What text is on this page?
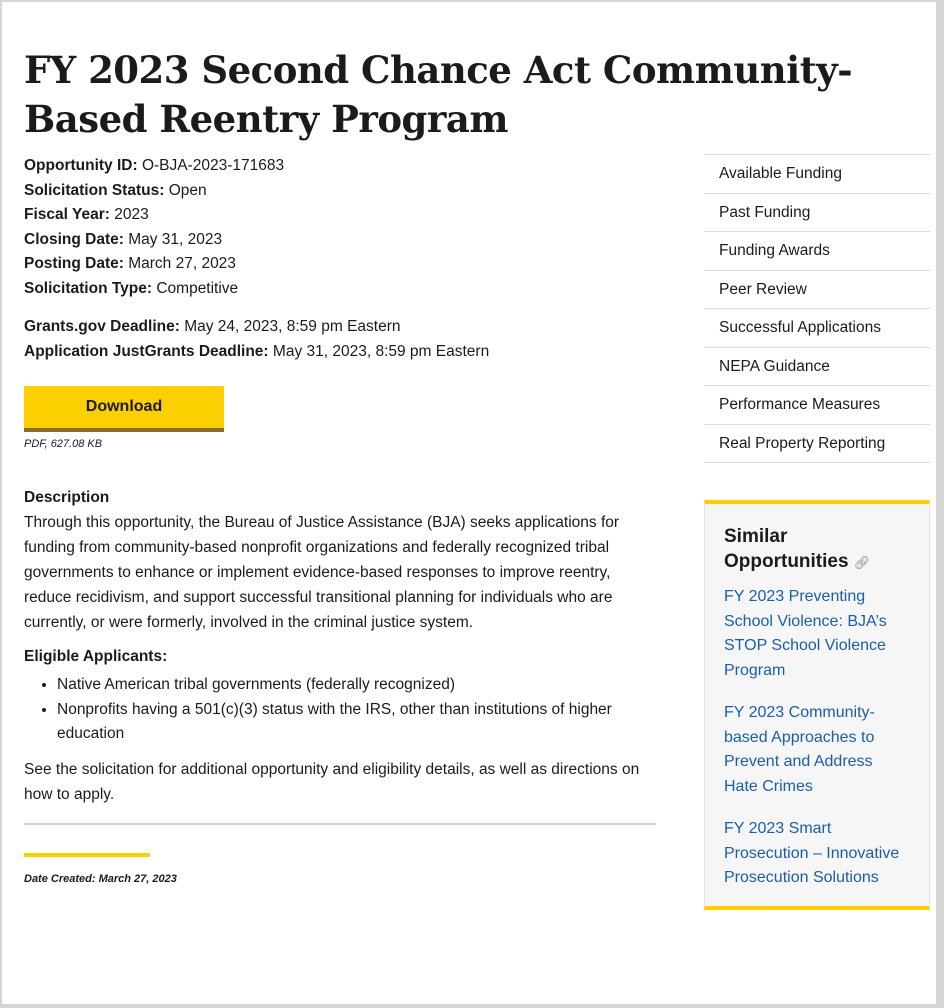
FY 2023 Second Chance Act Community-Based Reentry Program
Opportunity ID: O-BJA-2023-171683
Solicitation Status: Open
Fiscal Year: 2023
Closing Date: May 31, 2023
Posting Date: March 27, 2023
Solicitation Type: Competitive
Grants.gov Deadline: May 24, 2023, 8:59 pm Eastern
Application JustGrants Deadline: May 31, 2023, 8:59 pm Eastern
Download
PDF, 627.08 KB
Description

Through this opportunity, the Bureau of Justice Assistance (BJA) seeks applications for funding from community-based nonprofit organizations and federally recognized tribal governments to enhance or implement evidence-based responses to improve reentry, reduce recidivism, and support successful transitional planning for individuals who are currently, or were formerly, involved in the criminal justice system.

Eligible Applicants:
• Native American tribal governments (federally recognized)
• Nonprofits having a 501(c)(3) status with the IRS, other than institutions of higher education

See the solicitation for additional opportunity and eligibility details, as well as directions on how to apply.

Date Created: March 27, 2023
Available Funding
Past Funding
Funding Awards
Peer Review
Successful Applications
NEPA Guidance
Performance Measures
Real Property Reporting
Similar Opportunities 🔗︎
FY 2023 Preventing School Violence: BJA’s STOP School Violence Program
FY 2023 Community-based Approaches to Prevent and Address Hate Crimes
FY 2023 Smart Prosecution – Innovative Prosecution Solutions
